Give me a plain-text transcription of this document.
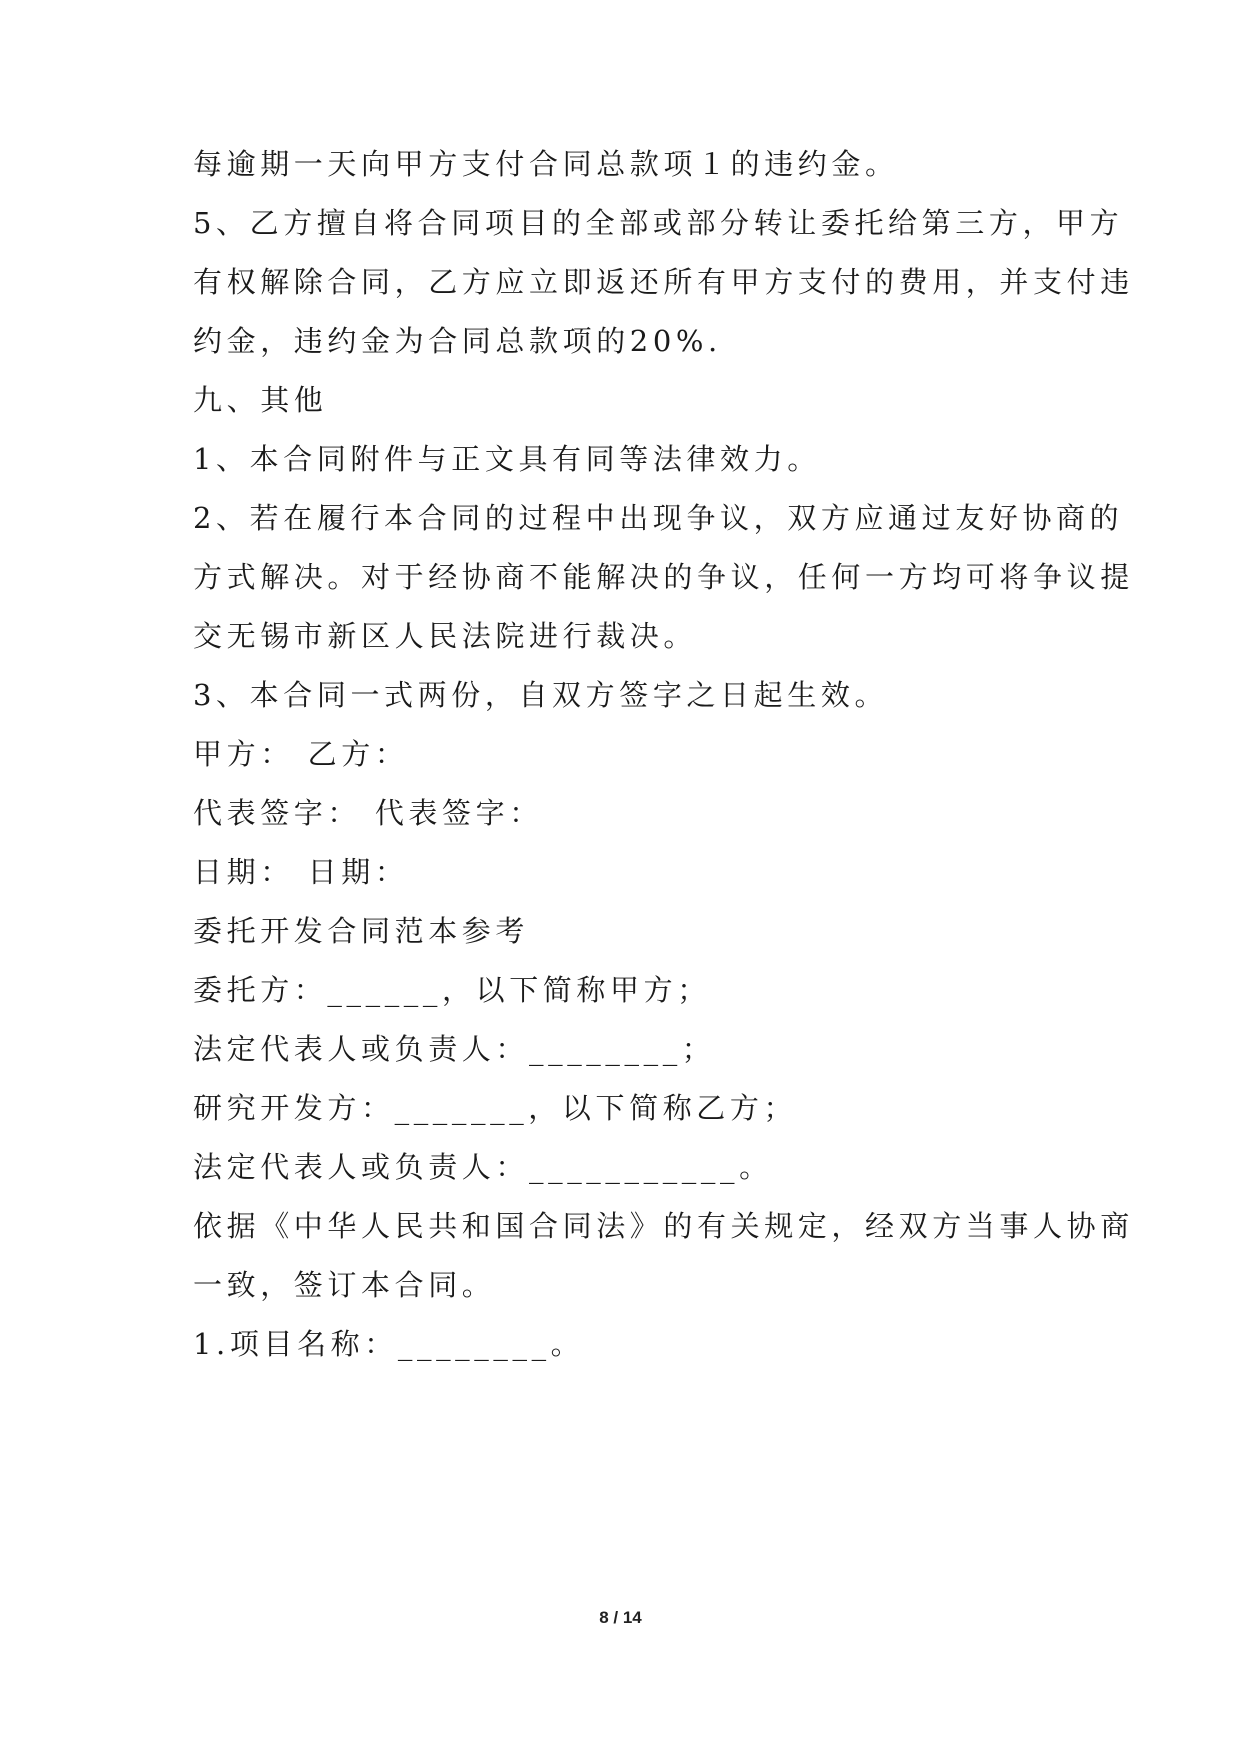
每逾期一天向甲方支付合同总款项１的违约金。
5、乙方擅自将合同项目的全部或部分转让委托给第三方，甲方
有权解除合同，乙方应立即返还所有甲方支付的费用，并支付违
约金，违约金为合同总款项的20%.
九、其他
1、本合同附件与正文具有同等法律效力。
2、若在履行本合同的过程中出现争议，双方应通过友好协商的
方式解决。对于经协商不能解决的争议，任何一方均可将争议提
交无锡市新区人民法院进行裁决。
3、本合同一式两份，自双方签字之日起生效。
甲方： 乙方：
代表签字： 代表签字：
日期： 日期：
委托开发合同范本参考
委托方：______，以下简称甲方；
法定代表人或负责人：________；
研究开发方：_______，以下简称乙方；
法定代表人或负责人：___________。
依据《中华人民共和国合同法》的有关规定，经双方当事人协商
一致，签订本合同。
1.项目名称：________。
8 / 14
